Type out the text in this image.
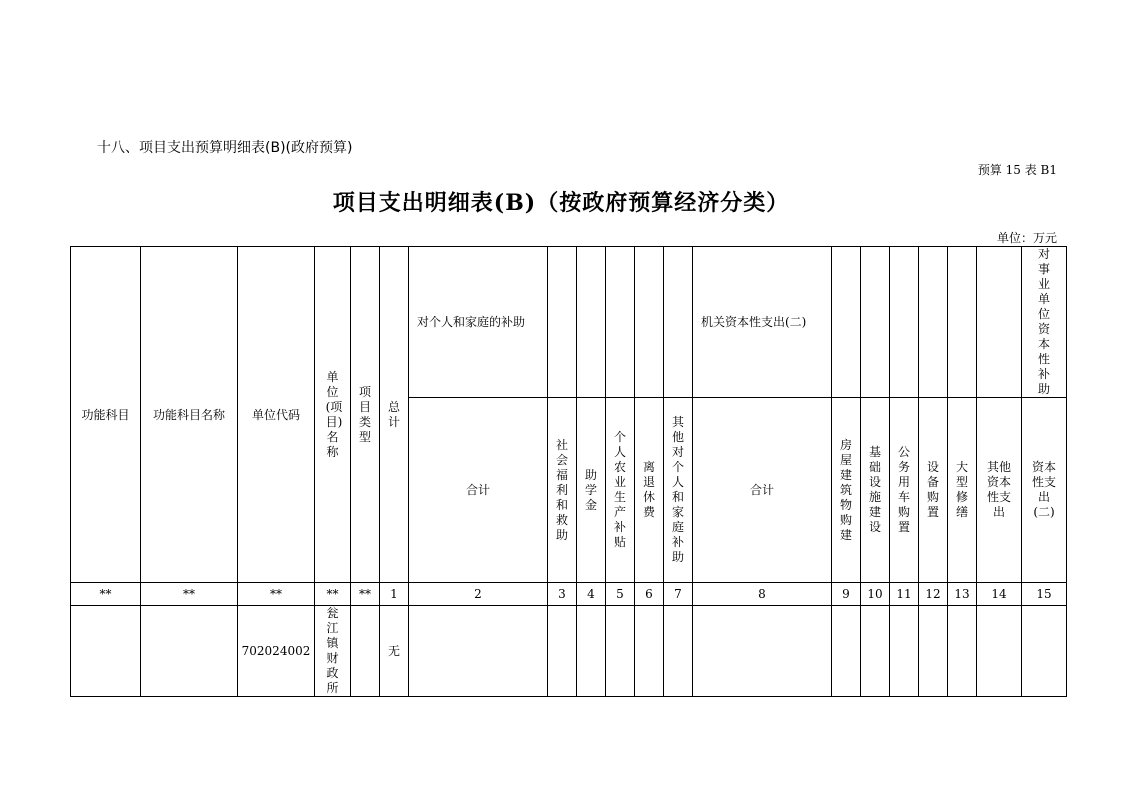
十八、项目支出预算明细表(B)(政府预算)
预算 15 表 B1
项目支出明细表(B)（按政府预算经济分类）
单位：万元
功能科目	功能科目名称	单位代码	单位(项目)名称	项目类型	总计	对个人和家庭的补助						机关资本性支出(二)							对事业单位资本性补助
						合计	社会福利和救助	助学金	个人农业生产补贴	离退休费	其他对个人和家庭补助	合计	房屋建筑物购建	基础设施建设	公务用车购置	设备购置	大型修缮	其他资本性支出	资本性支出(二)
**	**	**	**	**	1	2	3	4	5	6	7	8	9	10	11	12	13	14	15
		702024002	瓮江镇财政所		无														
